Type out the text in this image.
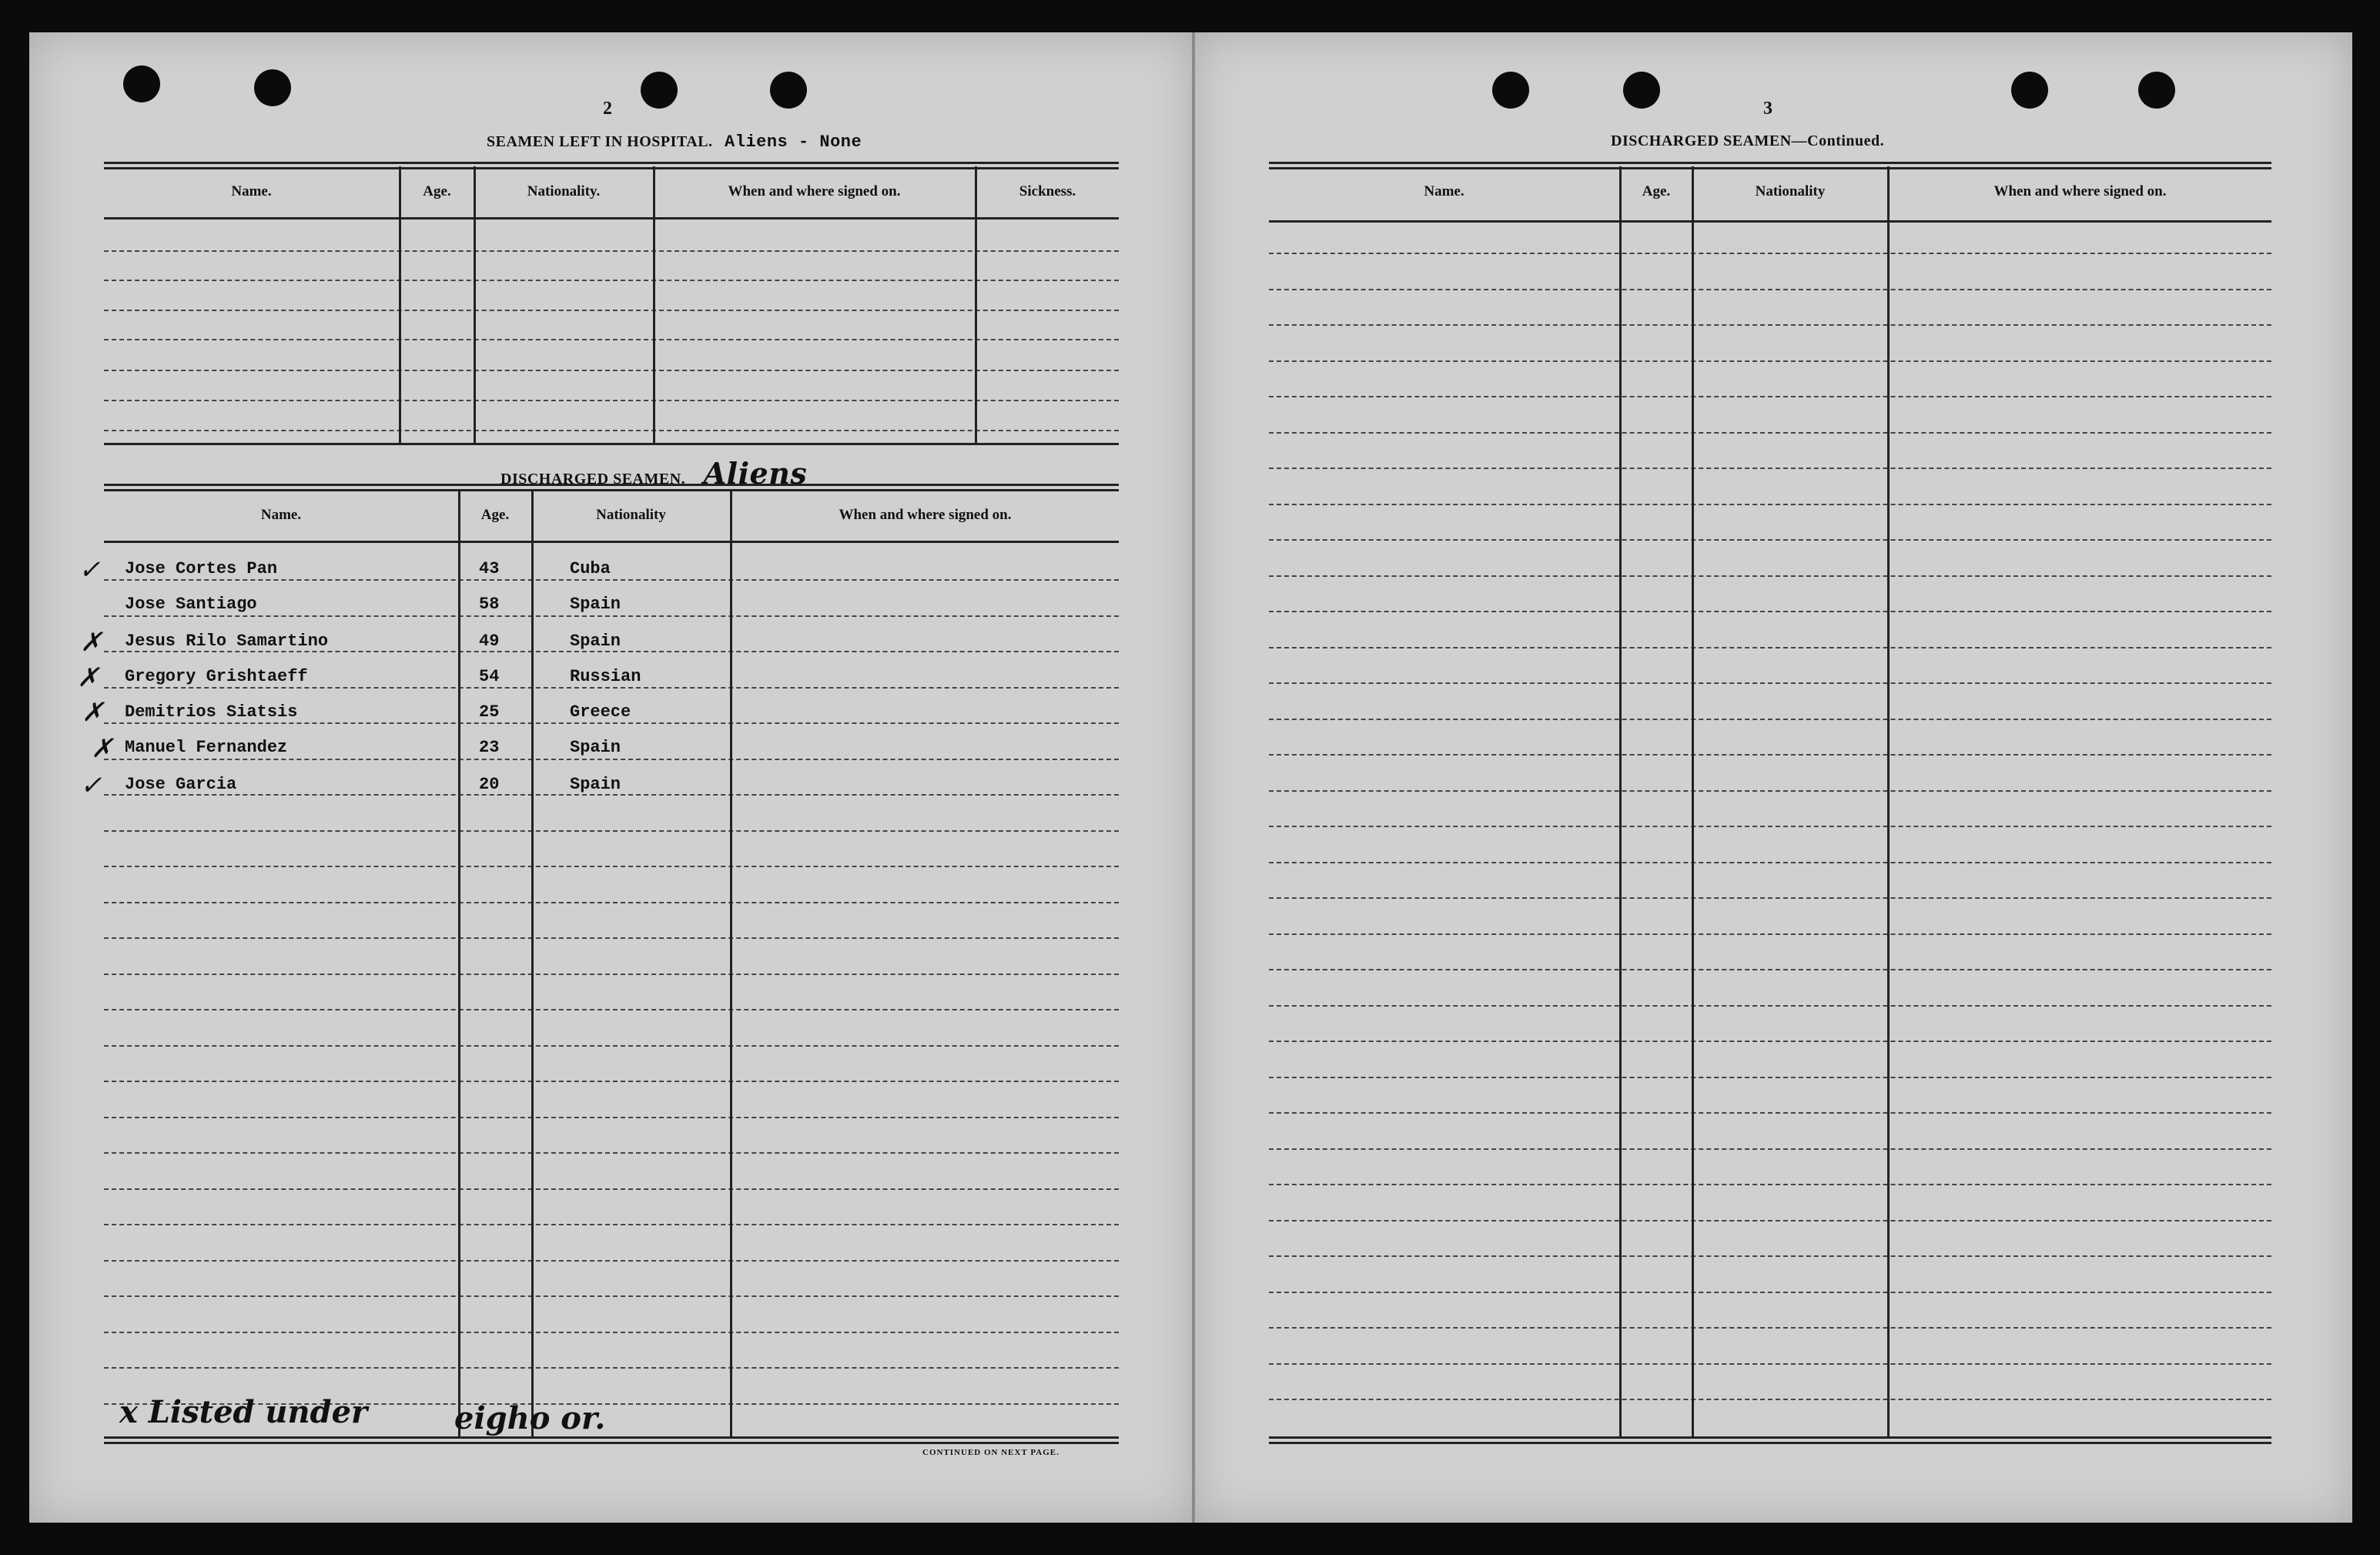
2
SEAMEN LEFT IN HOSPITAL. Aliens - None
Name.	Age.	Nationality.	When and where signed on.	Sickness.
DISCHARGED SEAMEN. Aliens
Name.	Age.	Nationality	When and where signed on.
✓ Jose Cortes Pan	43	Cuba
Jose Santiago	58	Spain
✗ Jesus Rilo Samartino	49	Spain
✗ Gregory Grishtaeff	54	Russian
✗ Demitrios Siatsis	25	Greece
✗ Manuel Fernandez	23	Spain
✓ Jose Garcia	20	Spain
x Listed under	eigho or.
CONTINUED ON NEXT PAGE.
3
DISCHARGED SEAMEN—Continued.
Name.	Age.	Nationality	When and where signed on.
